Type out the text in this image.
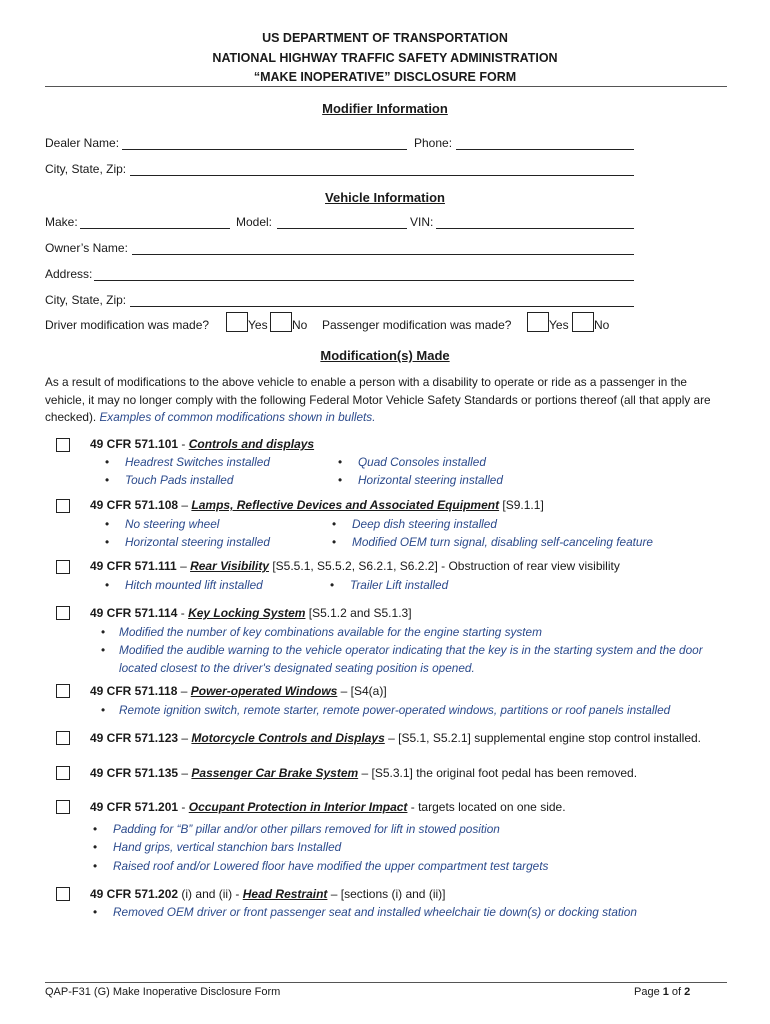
US DEPARTMENT OF TRANSPORTATION
NATIONAL HIGHWAY TRAFFIC SAFETY ADMINISTRATION
“MAKE INOPERATIVE” DISCLOSURE FORM
Modifier Information
Dealer Name:	Phone:
City, State, Zip:
Vehicle Information
Make:	Model:	VIN:
Owner’s Name:
Address:
City, State, Zip:
Driver modification was made?	Yes No Passenger modification was made?	Yes No
Modification(s) Made
As a result of modifications to the above vehicle to enable a person with a disability to operate or ride as a passenger in the vehicle, it may no longer comply with the following Federal Motor Vehicle Safety Standards or portions thereof (all that apply are checked). Examples of common modifications shown in bullets.
49 CFR 571.101 - Controls and displays
• Headrest Switches installed
• Touch Pads installed
• Quad Consoles installed
• Horizontal steering installed
49 CFR 571.108 – Lamps, Reflective Devices and Associated Equipment [S9.1.1]
• No steering wheel
• Horizontal steering installed
• Deep dish steering installed
• Modified OEM turn signal, disabling self-canceling feature
49 CFR 571.111 – Rear Visibility [S5.5.1, S5.5.2, S6.2.1, S6.2.2] - Obstruction of rear view visibility
• Hitch mounted lift installed	• Trailer Lift installed
49 CFR 571.114 - Key Locking System [S5.1.2 and S5.1.3]
• Modified the number of key combinations available for the engine starting system
• Modified the audible warning to the vehicle operator indicating that the key is in the starting system and the door located closest to the driver's designated seating position is opened.
49 CFR 571.118 – Power-operated Windows – [S4(a)]
• Remote ignition switch, remote starter, remote power-operated windows, partitions or roof panels installed
49 CFR 571.123 – Motorcycle Controls and Displays – [S5.1, S5.2.1] supplemental engine stop control installed.
49 CFR 571.135 – Passenger Car Brake System – [S5.3.1] the original foot pedal has been removed.
49 CFR 571.201 - Occupant Protection in Interior Impact - targets located on one side.
• Padding for “B” pillar and/or other pillars removed for lift in stowed position
• Hand grips, vertical stanchion bars Installed
• Raised roof and/or Lowered floor have modified the upper compartment test targets
49 CFR 571.202 (i) and (ii) - Head Restraint – [sections (i) and (ii)]
• Removed OEM driver or front passenger seat and installed wheelchair tie down(s) or docking station
QAP-F31 (G) Make Inoperative Disclosure Form	Page 1 of 2
